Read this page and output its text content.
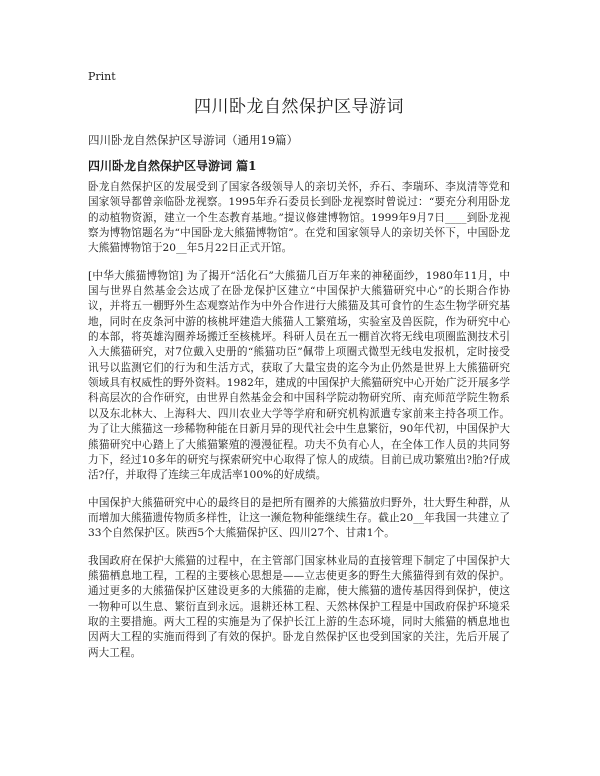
Print
四川卧龙自然保护区导游词
四川卧龙自然保护区导游词（通用19篇）
四川卧龙自然保护区导游词 篇1

卧龙自然保护区的发展受到了国家各级领导人的亲切关怀，乔石、李瑞环、李岚清等党和国家领导都曾亲临卧龙视察。1995年乔石委员长到卧龙视察时曾说过：“要充分利用卧龙的动植物资源，建立一个生态教育基地。”提议修建博物馆。1999年9月7日____到卧龙视察为博物馆题名为“中国卧龙大熊猫博物馆”。在党和国家领导人的亲切关怀下，中国卧龙大熊猫博物馆于20__年5月22日正式开馆。

[中华大熊猫博物馆] 为了揭开“活化石”大熊猫几百万年来的神秘面纱，1980年11月，中国与世界自然基金会达成了在卧龙保护区建立“中国保护大熊猫研究中心”的长期合作协议，并将五一棚野外生态观察站作为中外合作进行大熊猫及其可食竹的生态生物学研究基地，同时在皮条河中游的核桃坪建造大熊猫人工繁殖场，实验室及兽医院，作为研究中心的本部，将英雄沟圈养场搬迁至核桃坪。科研人员在五一棚首次将无线电项圈监测技术引入大熊猫研究，对7位戴入史册的“熊猫功臣”佩带上项圈式微型无线电发报机，定时接受讯号以监测它们的行为和生活方式，获取了大量宝贵的迄今为止仍然是世界上大熊猫研究领域具有权威性的野外资料。1982年，建成的中国保护大熊猫研究中心开始广泛开展多学科高层次的合作研究，由世界自然基金会和中国科学院动物研究所、南充师范学院生物系以及东北林大、上海科大、四川农业大学等学府和研究机构派遣专家前来主持各项工作。为了让大熊猫这一珍稀物种能在日新月异的现代社会中生息繁衍，90年代初，中国保护大熊猫研究中心踏上了大熊猫繁殖的漫漫征程。功夫不负有心人，在全体工作人员的共同努力下，经过10多年的研究与探索研究中心取得了惊人的成绩。目前已成功繁殖出?胎?仔成活?仔，并取得了连续三年成活率100%的好成绩。

中国保护大熊猫研究中心的最终目的是把所有圈养的大熊猫放归野外，壮大野生种群，从而增加大熊猫遗传物质多样性，让这一濒危物种能继续生存。截止20__年我国一共建立了33个自然保护区。陕西5个大熊猫保护区、四川27个、甘肃1个。

我国政府在保护大熊猫的过程中，在主管部门国家林业局的直接管理下制定了中国保护大熊猫栖息地工程，工程的主要核心思想是——立志使更多的野生大熊猫得到有效的保护。通过更多的大熊猫保护区建设更多的大熊猫的走廊，使大熊猫的遗传基因得到保护，使这一物种可以生息、繁衍直到永远。退耕还林工程、天然林保护工程是中国政府保护环境采取的主要措施。两大工程的实施是为了保护长江上游的生态环境，同时大熊猫的栖息地也因两大工程的实施而得到了有效的保护。卧龙自然保护区也受到国家的关注，先后开展了两大工程。
